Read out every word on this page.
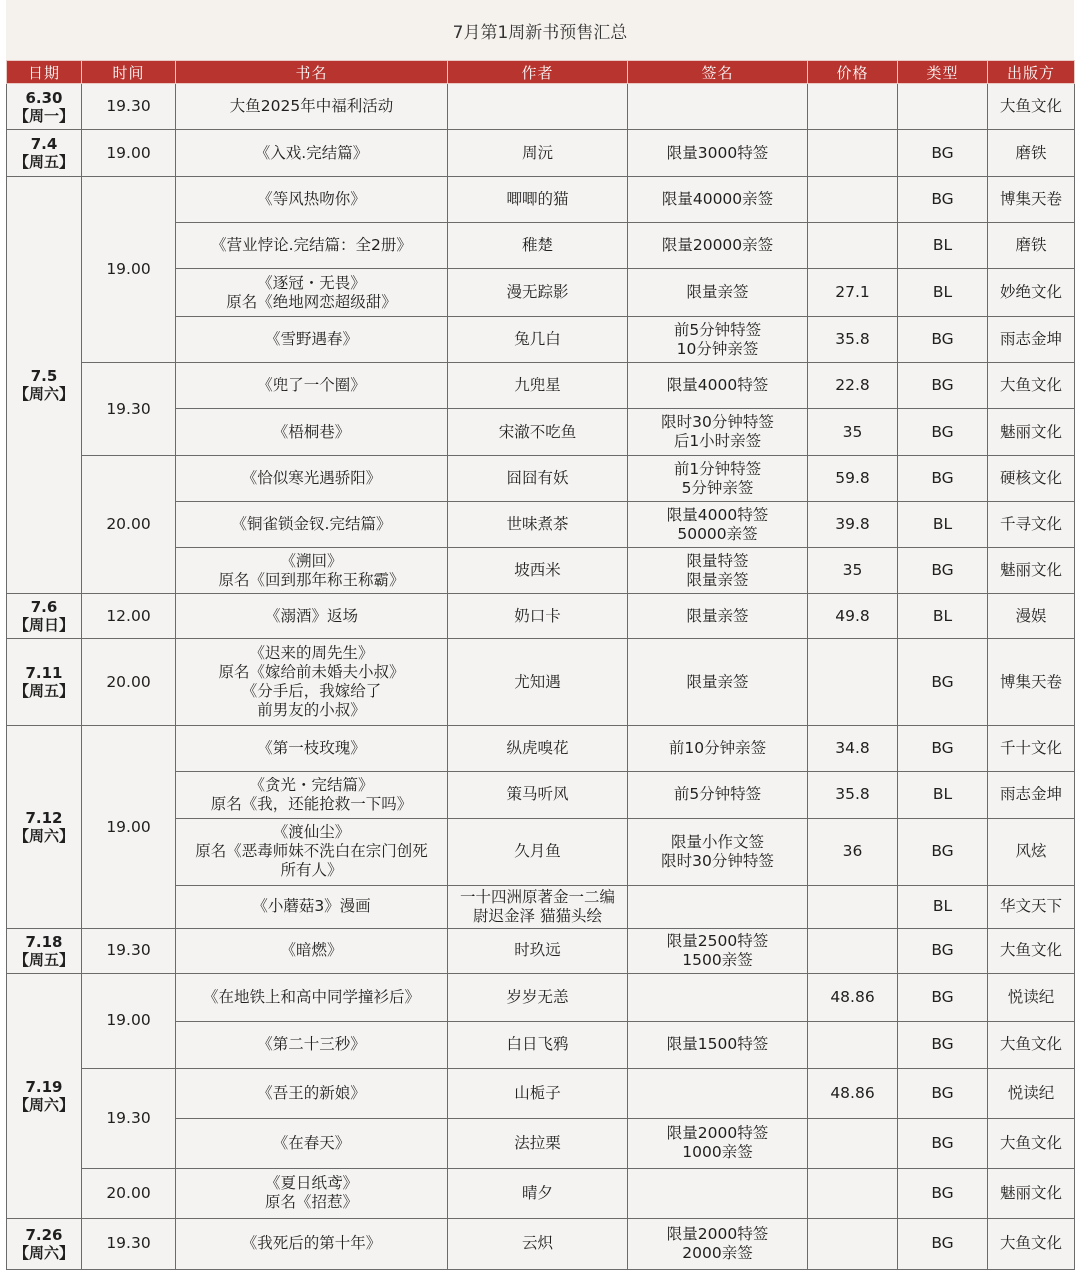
7月第1周新书预售汇总
日期	时间	书名	作者	签名	价格	类型	出版方
6.30
【周一】	19.30	大鱼2025年中福利活动					大鱼文化
7.4
【周五】	19.00	《入戏.完结篇》	周沅	限量3000特签		BG	磨铁
7.5
【周六】	19.00	《等风热吻你》	唧唧的猫	限量40000亲签		BG	博集天卷
		《营业悖论.完结篇：全2册》	稚楚	限量20000亲签		BL	磨铁
		《逐冠・无畏》
原名《绝地网恋超级甜》	漫无踪影	限量亲签	27.1	BL	妙绝文化
		《雪野遇春》	兔几白	前5分钟特签
10分钟亲签	35.8	BG	雨志金坤
	19.30	《兜了一个圈》	九兜星	限量4000特签	22.8	BG	大鱼文化
		《梧桐巷》	宋澈不吃鱼	限时30分钟特签
后1小时亲签	35	BG	魅丽文化
	20.00	《恰似寒光遇骄阳》	囧囧有妖	前1分钟特签
5分钟亲签	59.8	BG	硬核文化
		《铜雀锁金钗.完结篇》	世味煮茶	限量4000特签
50000亲签	39.8	BL	千寻文化
		《溯回》
原名《回到那年称王称霸》	坡西米	限量特签
限量亲签	35	BG	魅丽文化
7.6
【周日】	12.00	《溺酒》返场	奶口卡	限量亲签	49.8	BL	漫娱
7.11
【周五】	20.00	《迟来的周先生》
原名《嫁给前未婚夫小叔》
《分手后，我嫁给了
前男友的小叔》	尤知遇	限量亲签		BG	博集天卷
7.12
【周六】	19.00	《第一枝玫瑰》	纵虎嗅花	前10分钟亲签	34.8	BG	千十文化
		《贪光・完结篇》
原名《我，还能抢救一下吗》	策马听风	前5分钟特签	35.8	BL	雨志金坤
		《渡仙尘》
原名《恶毒师妹不洗白在宗门创死
所有人》	久月鱼	限量小作文签
限时30分钟特签	36	BG	风炫
		《小蘑菇3》漫画	一十四洲原著金一二编
尉迟金泽 猫猫头绘			BL	华文天下
7.18
【周五】	19.30	《暗燃》	时玖远	限量2500特签
1500亲签		BG	大鱼文化
7.19
【周六】	19.00	《在地铁上和高中同学撞衫后》	岁岁无恙		48.86	BG	悦读纪
		《第二十三秒》	白日飞鸦	限量1500特签		BG	大鱼文化
	19.30	《吾王的新娘》	山栀子		48.86	BG	悦读纪
		《在春天》	法拉栗	限量2000特签
1000亲签		BG	大鱼文化
	20.00	《夏日纸鸢》
原名《招惹》	晴夕			BG	魅丽文化
7.26
【周六】	19.30	《我死后的第十年》	云炽	限量2000特签
2000亲签		BG	大鱼文化
